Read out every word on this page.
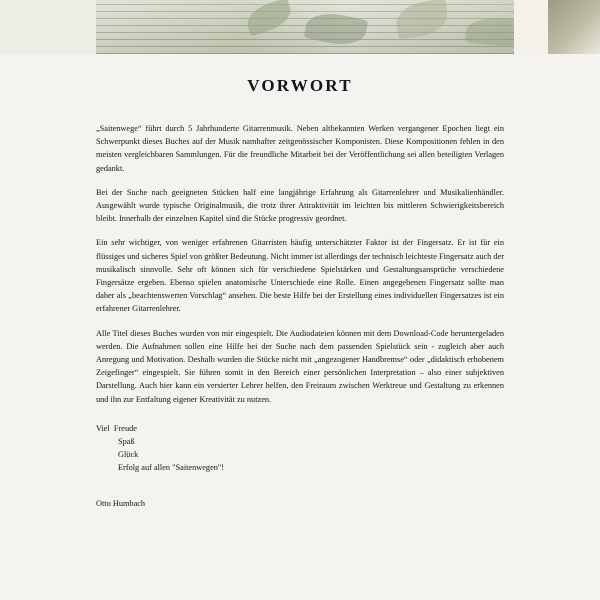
VORWORT

„Saitenwege“ führt durch 5 Jahrhunderte Gitarrenmusik. Neben altbekannten Werken vergangener Epochen liegt ein Schwerpunkt dieses Buches auf der Musik namhafter zeitgenössischer Komponisten. Diese Kompositionen fehlen in den meisten vergleichbaren Sammlungen. Für die freundliche Mitarbeit bei der Veröffentlichung sei allen beteiligten Verlagen gedankt.

Bei der Suche nach geeigneten Stücken half eine langjährige Erfahrung als Gitarrenlehrer und Musikalienhändler. Ausgewählt wurde typische Originalmusik, die trotz ihrer Attraktivität im leichten bis mittleren Schwierigkeitsbereich bleibt. Innerhalb der einzelnen Kapitel sind die Stücke progressiv geordnet.

Ein sehr wichtiger, von weniger erfahrenen Gitarristen häufig unterschätzter Faktor ist der Fingersatz. Er ist für ein flüssiges und sicheres Spiel von größter Bedeutung. Nicht immer ist allerdings der technisch leichteste Fingersatz auch der musikalisch sinnvolle. Sehr oft können sich für verschiedene Spielstärken und Gestaltungsansprüche verschiedene Fingersätze ergeben. Ebenso spielen anatomische Unterschiede eine Rolle. Einen angegebenen Fingersatz sollte man daher als „beachtenswerten Vorschlag“ ansehen. Die beste Hilfe bei der Erstellung eines individuellen Fingersatzes ist ein erfahrener Gitarrenlehrer.

Alle Titel dieses Buches wurden von mir eingespielt. Die Audiodateien können mit dem Download-Code heruntergeladen werden. Die Aufnahmen sollen eine Hilfe bei der Suche nach dem passenden Spielstück sein - zugleich aber auch Anregung und Motivation. Deshalb wurden die Stücke nicht mit „angezogener Handbremse“ oder „didaktisch erhobenem Zeigefinger“ eingespielt. Sie führen somit in den Bereich einer persönlichen Interpretation – also einer subjektiven Darstellung. Auch hier kann ein versierter Lehrer helfen, den Freiraum zwischen Werktreue und Gestaltung zu erkennen und ihn zur Entfaltung eigener Kreativität zu nutzen.

Viel  Freude
Spaß
Glück
Erfolg auf allen "Saitenwegen"!
Otto Humbach
